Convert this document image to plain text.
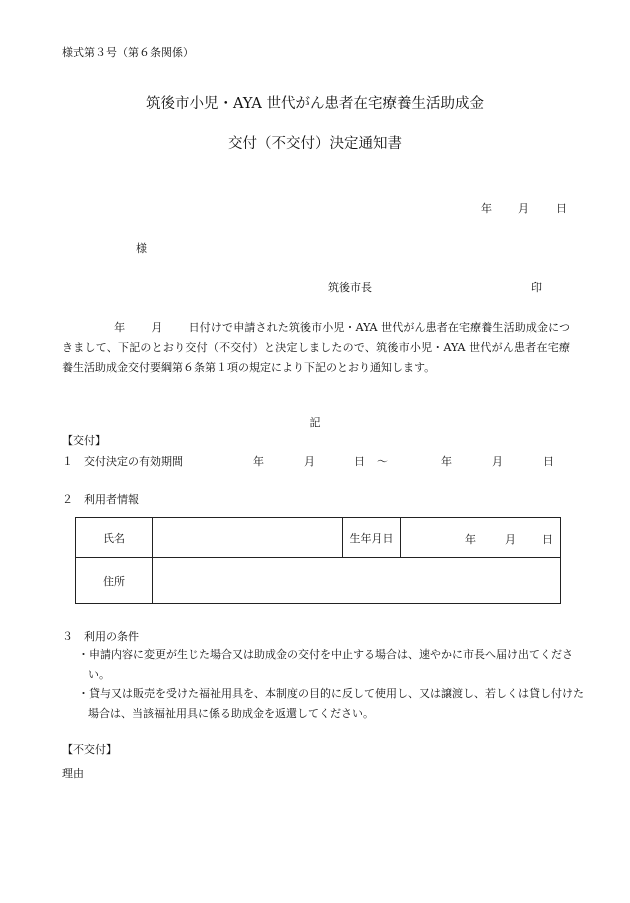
様式第３号（第６条関係）
筑後市小児・AYA 世代がん患者在宅療養生活助成金
交付（不交付）決定通知書
年 月 日
様
筑後市長	印
年 月 日付けで申請された筑後市小児・AYA 世代がん患者在宅療養生活助成金につきまして、下記のとおり交付（不交付）と決定しましたので、筑後市小児・AYA 世代がん患者在宅療養生活助成金交付要綱第６条第１項の規定により下記のとおり通知します。
記
【交付】
１　交付決定の有効期間	年	月	日 ～	年	月	日
２　利用者情報
氏名		生年月日	年 月 日

住所			
３　利用の条件
・申請内容に変更が生じた場合又は助成金の交付を中止する場合は、速やかに市長へ届け出てください。
・貸与又は販売を受けた福祉用具を、本制度の目的に反して使用し、又は譲渡し、若しくは貸し付けた場合は、当該福祉用具に係る助成金を返還してください。
【不交付】
理由
